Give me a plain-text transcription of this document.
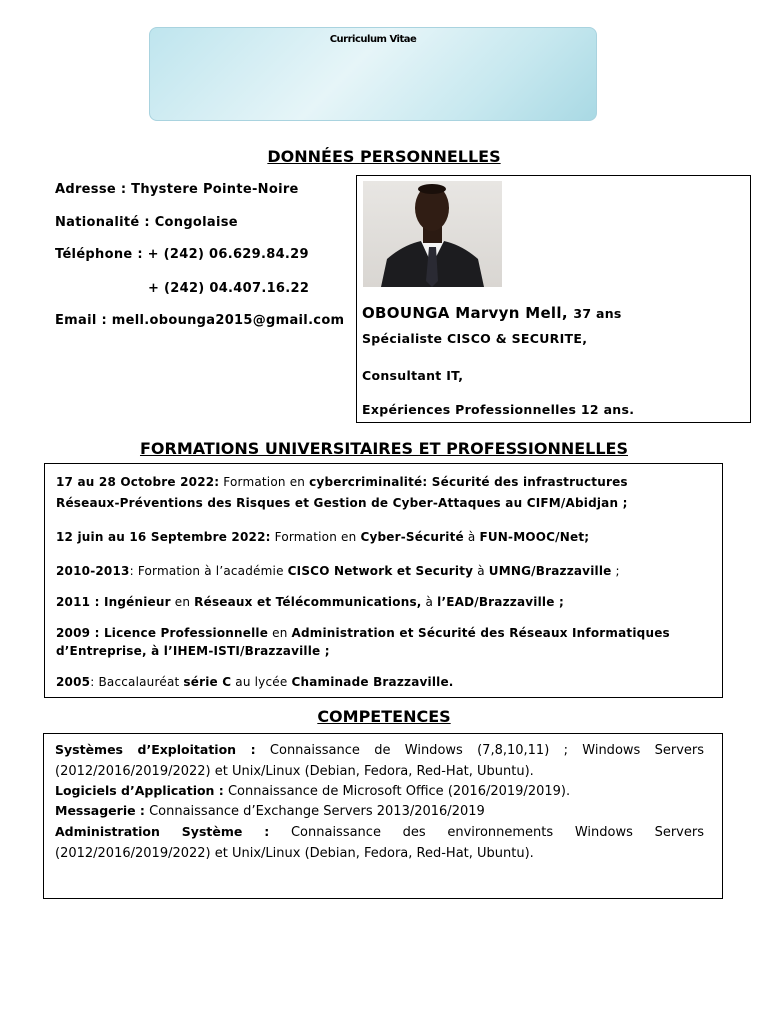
Curriculum Vitae
DONNÉES PERSONNELLES
Adresse : Thystere Pointe-Noire
Nationalité : Congolaise
Téléphone : + (242) 06.629.84.29
+ (242) 04.407.16.22
Email : mell.obounga2015@gmail.com OBOUNGA Marvyn Mell, 37 ans
Spécialiste CISCO & SECURITE,
Consultant IT,
Expériences Professionnelles 12 ans.
FORMATIONS UNIVERSITAIRES ET PROFESSIONNELLES
17 au 28 Octobre 2022: Formation en cybercriminalité: Sécurité des infrastructures
Réseaux-Préventions des Risques et Gestion de Cyber-Attaques au CIFM/Abidjan ;
12 juin au 16 Septembre 2022: Formation en Cyber-Sécurité à FUN-MOOC/Net;
2010-2013: Formation à l’académie CISCO Network et Security à UMNG/Brazzaville ;
2011 : Ingénieur en Réseaux et Télécommunications, à l’EAD/Brazzaville ;
2009 : Licence Professionnelle en Administration et Sécurité des Réseaux Informatiques
d’Entreprise, à l’IHEM-ISTI/Brazzaville ;
2005: Baccalauréat série C au lycée Chaminade Brazzaville.
COMPETENCES
Systèmes d’Exploitation : Connaissance de Windows (7,8,10,11) ; Windows Servers (2012/2016/2019/2022) et Unix/Linux (Debian, Fedora, Red-Hat, Ubuntu).
Logiciels d’Application : Connaissance de Microsoft Office (2016/2019/2019).
Messagerie : Connaissance d’Exchange Servers 2013/2016/2019
Administration Système : Connaissance des environnements Windows Servers (2012/2016/2019/2022) et Unix/Linux (Debian, Fedora, Red-Hat, Ubuntu).
